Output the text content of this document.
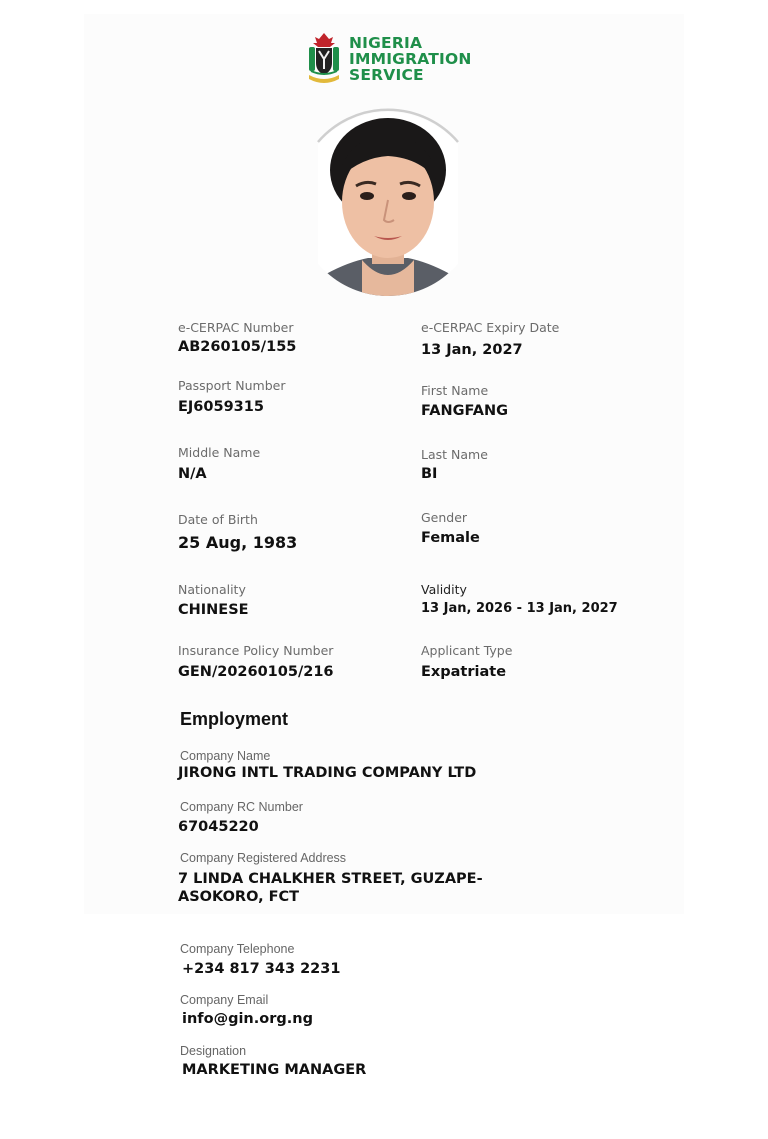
NIGERIA
IMMIGRATION
SERVICE
e-CERPAC Number
AB260105/155
e-CERPAC Expiry Date
13 Jan, 2027
Passport Number
EJ6059315
First Name
FANGFANG
Middle Name
N/A
Last Name
BI
Date of Birth
25 Aug, 1983
Gender
Female
Nationality
CHINESE
Validity
13 Jan, 2026 - 13 Jan, 2027
Insurance Policy Number
GEN/20260105/216
Applicant Type
Expatriate
Employment
Company Name
JIRONG INTL TRADING COMPANY LTD
Company RC Number
67045220
Company Registered Address
7 LINDA CHALKHER STREET, GUZAPE-
ASOKORO, FCT
Company Telephone
+234 817 343 2231
Company Email
info@gin.org.ng
Designation
MARKETING MANAGER
